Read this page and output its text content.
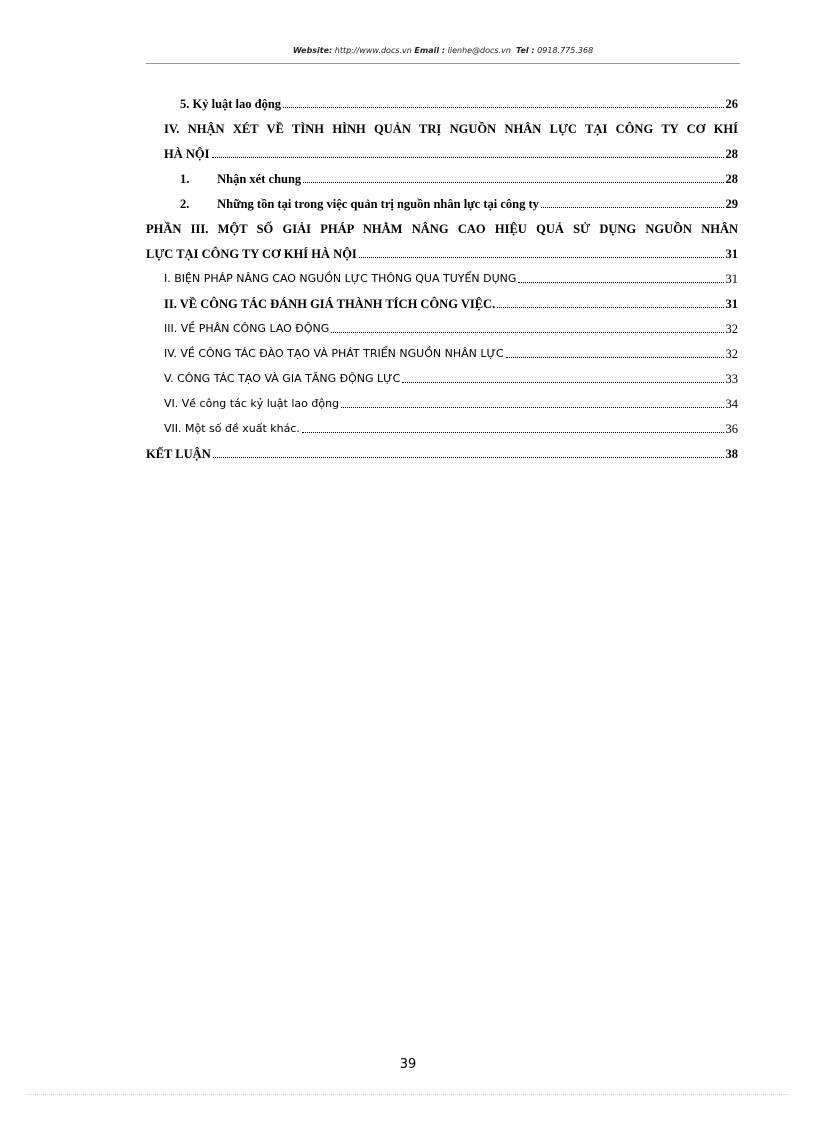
Website: http://www.docs.vn Email : lienhe@docs.vn Tel : 0918.775.368
5. Kỷ luật lao động	26
IV. NHẬN XÉT VỀ TÌNH HÌNH QUẢN TRỊ NGUỒN NHÂN LỰC TẠI CÔNG TY CƠ KHÍ
HÀ NỘI	28
1. Nhận xét chung	28
2. Những tồn tại trong việc quản trị nguồn nhân lực tại công ty	29
PHẦN III. MỘT SỐ GIẢI PHÁP NHẰM NÂNG CAO HIỆU QUẢ SỬ DỤNG NGUỒN NHÂN
LỰC TẠI CÔNG TY CƠ KHÍ HÀ NỘI	31
I. BIỆN PHÁP NÂNG CAO NGUỒN LỰC THÔNG QUA TUYỂN DỤNG	31
II. VỀ CÔNG TÁC ĐÁNH GIÁ THÀNH TÍCH CÔNG VIỆC.	31
III. VỀ PHÂN CÔNG LAO ĐỘNG	32
IV. VỀ CÔNG TÁC ĐÀO TẠO VÀ PHÁT TRIỂN NGUỒN NHÂN LỰC	32
V. CÔNG TÁC TẠO VÀ GIA TĂNG ĐỘNG LỰC	33
VI. Về công tác kỷ luật lao động	34
VII. Một số đề xuất khác.	36
KẾT LUẬN	38
39
